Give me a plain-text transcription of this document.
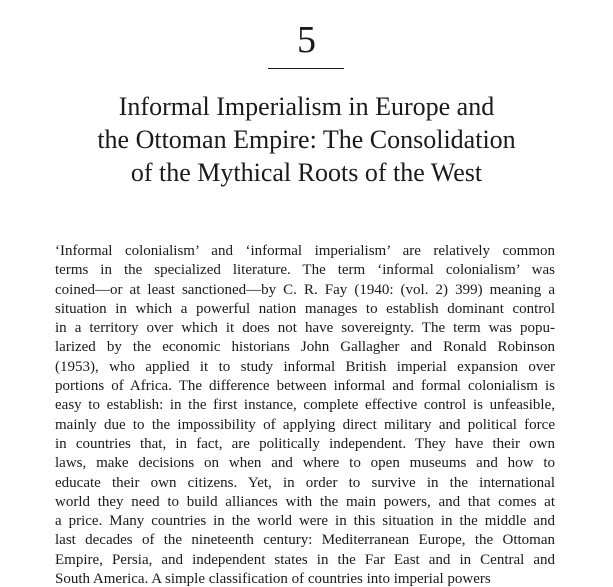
5
Informal Imperialism in Europe and
the Ottoman Empire: The Consolidation
of the Mythical Roots of the West
‘Informal colonialism’ and ‘informal imperialism’ are relatively common
terms in the specialized literature. The term ‘informal colonialism’ was
coined—or at least sanctioned—by C. R. Fay (1940: (vol. 2) 399) meaning a
situation in which a powerful nation manages to establish dominant control
in a territory over which it does not have sovereignty. The term was popu-
larized by the economic historians John Gallagher and Ronald Robinson
(1953), who applied it to study informal British imperial expansion over
portions of Africa. The difference between informal and formal colonialism is
easy to establish: in the first instance, complete effective control is unfeasible,
mainly due to the impossibility of applying direct military and political force
in countries that, in fact, are politically independent. They have their own
laws, make decisions on when and where to open museums and how to
educate their own citizens. Yet, in order to survive in the international
world they need to build alliances with the main powers, and that comes at
a price. Many countries in the world were in this situation in the middle and
last decades of the nineteenth century: Mediterranean Europe, the Ottoman
Empire, Persia, and independent states in the Far East and in Central and
South America. A simple classification of countries into imperial powers
